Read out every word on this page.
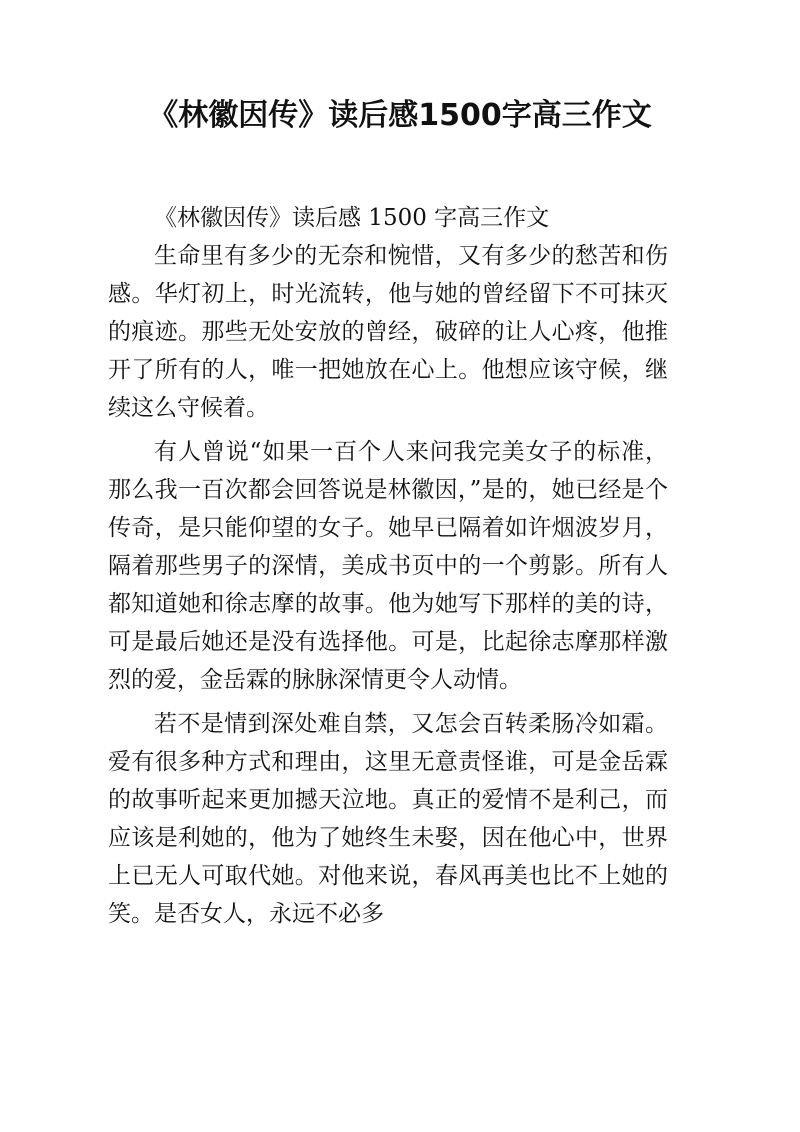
《林徽因传》读后感1500字高三作文

《林徽因传》读后感 1500 字高三作文

生命里有多少的无奈和惋惜，又有多少的愁苦和伤感。华灯初上，时光流转，他与她的曾经留下不可抹灭的痕迹。那些无处安放的曾经，破碎的让人心疼，他推开了所有的人，唯一把她放在心上。他想应该守候，继续这么守候着。

有人曾说“如果一百个人来问我完美女子的标准，那么我一百次都会回答说是林徽因，”是的，她已经是个传奇，是只能仰望的女子。她早已隔着如许烟波岁月，隔着那些男子的深情，美成书页中的一个剪影。所有人都知道她和徐志摩的故事。他为她写下那样的美的诗，可是最后她还是没有选择他。可是，比起徐志摩那样激烈的爱，金岳霖的脉脉深情更令人动情。

若不是情到深处难自禁，又怎会百转柔肠冷如霜。爱有很多种方式和理由，这里无意责怪谁，可是金岳霖的故事听起来更加撼天泣地。真正的爱情不是利己，而应该是利她的，他为了她终生未娶，因在他心中，世界上已无人可取代她。对他来说，春风再美也比不上她的笑。是否女人，永远不必多
